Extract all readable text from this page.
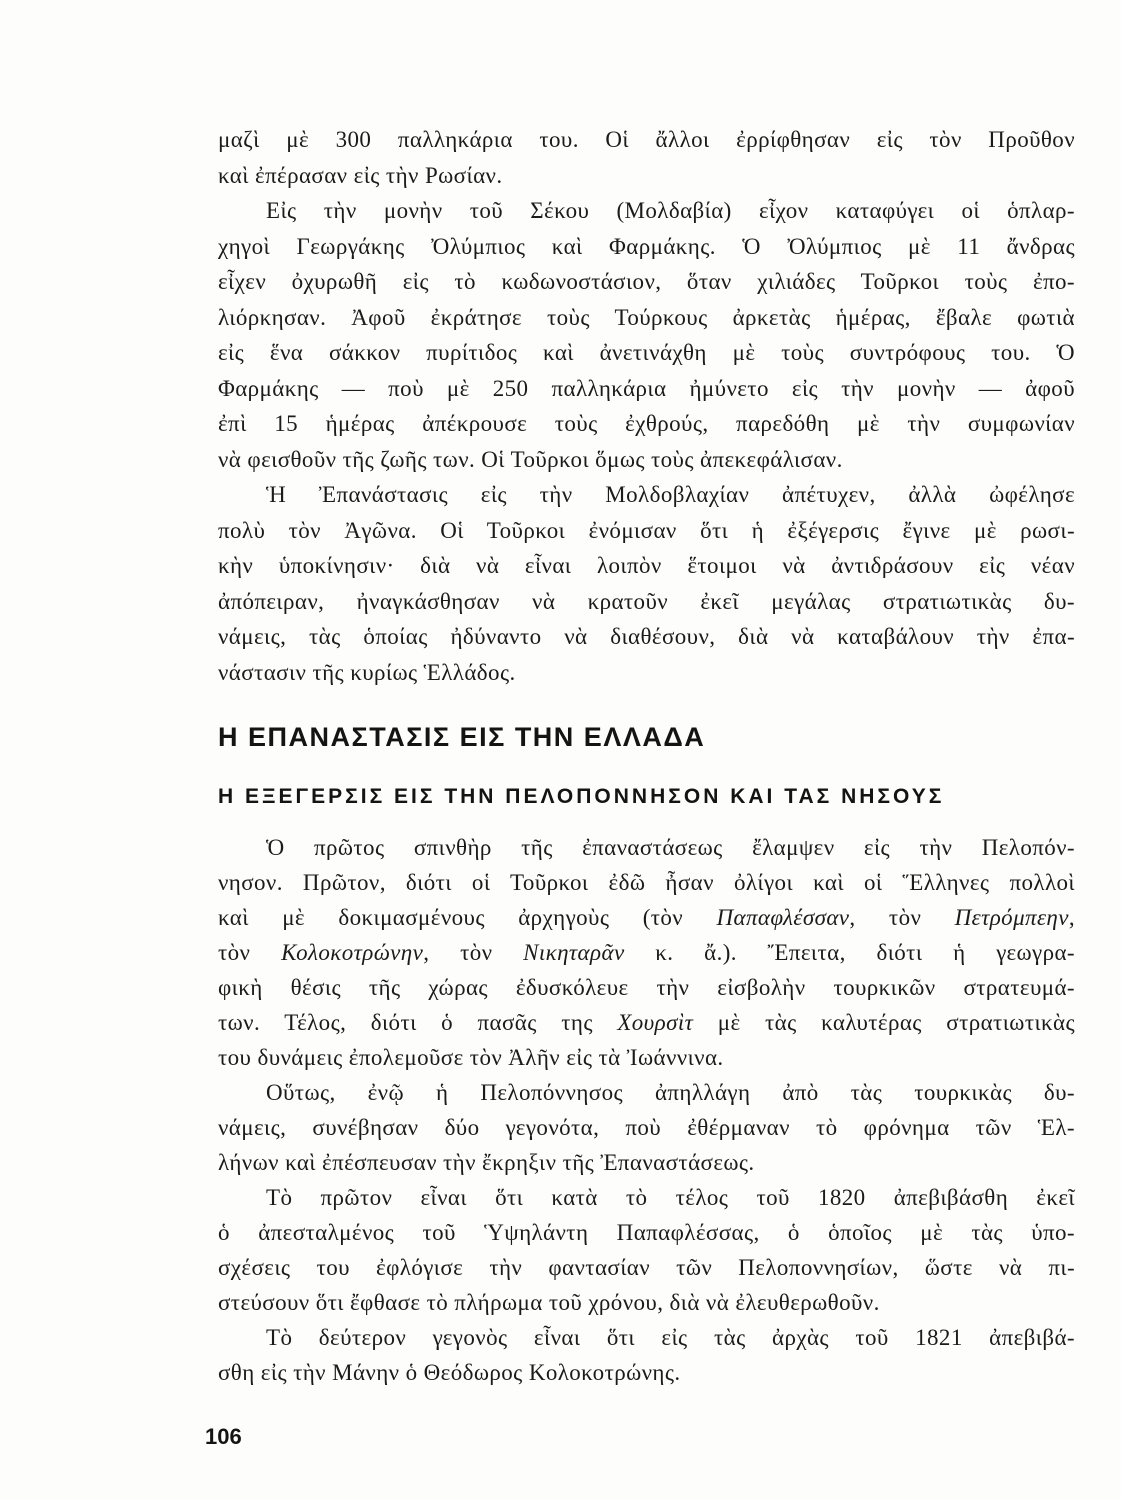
μαζὶ μὲ 300 παλληκάρια του. Οἱ ἄλλοι ἐρρίφθησαν εἰς τὸν Προῦθον
καὶ ἐπέρασαν εἰς τὴν Ρωσίαν.
Εἰς τὴν μονὴν τοῦ Σέκου (Μολδαβία) εἶχον καταφύγει οἱ ὁπλαρ-
χηγοὶ Γεωργάκης Ὀλύμπιος καὶ Φαρμάκης. Ὁ Ὀλύμπιος μὲ 11 ἄνδρας
εἶχεν ὀχυρωθῆ εἰς τὸ κωδωνοστάσιον, ὅταν χιλιάδες Τοῦρκοι τοὺς ἐπο-
λιόρκησαν. Ἀφοῦ ἐκράτησε τοὺς Τούρκους ἀρκετὰς ἡμέρας, ἔβαλε φωτιὰ
εἰς ἕνα σάκκον πυρίτιδος καὶ ἀνετινάχθη μὲ τοὺς συντρόφους του. Ὁ
Φαρμάκης — ποὺ μὲ 250 παλληκάρια ἠμύνετο εἰς τὴν μονὴν — ἀφοῦ
ἐπὶ 15 ἡμέρας ἀπέκρουσε τοὺς ἐχθρούς, παρεδόθη μὲ τὴν συμφωνίαν
νὰ φεισθοῦν τῆς ζωῆς των. Οἱ Τοῦρκοι ὅμως τοὺς ἀπεκεφάλισαν.
Ἡ Ἐπανάστασις εἰς τὴν Μολδοβλαχίαν ἀπέτυχεν, ἀλλὰ ὠφέλησε
πολὺ τὸν Ἀγῶνα. Οἱ Τοῦρκοι ἐνόμισαν ὅτι ἡ ἐξέγερσις ἔγινε μὲ ρωσι-
κὴν ὑποκίνησιν· διὰ νὰ εἶναι λοιπὸν ἕτοιμοι νὰ ἀντιδράσουν εἰς νέαν
ἀπόπειραν, ἠναγκάσθησαν νὰ κρατοῦν ἐκεῖ μεγάλας στρατιωτικὰς δυ-
νάμεις, τὰς ὁποίας ἠδύναντο νὰ διαθέσουν, διὰ νὰ καταβάλουν τὴν ἐπα-
νάστασιν τῆς κυρίως Ἑλλάδος.
Η ΕΠΑΝΑΣΤΑΣΙΣ ΕΙΣ ΤΗΝ ΕΛΛΑΔΑ
Η ΕΞΕΓΕΡΣΙΣ ΕΙΣ ΤΗΝ ΠΕΛΟΠΟΝΝΗΣΟΝ ΚΑΙ ΤΑΣ ΝΗΣΟΥΣ
Ὁ πρῶτος σπινθὴρ τῆς ἐπαναστάσεως ἔλαμψεν εἰς τὴν Πελοπόν-
νησον. Πρῶτον, διότι οἱ Τοῦρκοι ἐδῶ ἦσαν ὀλίγοι καὶ οἱ Ἕλληνες πολλοὶ
καὶ μὲ δοκιμασμένους ἀρχηγοὺς (τὸν Παπαφλέσσαν, τὸν Πετρόμπεην,
τὸν Κολοκοτρώνην, τὸν Νικηταρᾶν κ. ἄ.). Ἔπειτα, διότι ἡ γεωγρα-
φικὴ θέσις τῆς χώρας ἐδυσκόλευε τὴν εἰσβολὴν τουρκικῶν στρατευμά-
των. Τέλος, διότι ὁ πασᾶς της Χουρσὶτ μὲ τὰς καλυτέρας στρατιωτικὰς
του δυνάμεις ἐπολεμοῦσε τὸν Ἀλῆν εἰς τὰ Ἰωάννινα.
Οὕτως, ἐνῷ ἡ Πελοπόννησος ἀπηλλάγη ἀπὸ τὰς τουρκικὰς δυ-
νάμεις, συνέβησαν δύο γεγονότα, ποὺ ἐθέρμαναν τὸ φρόνημα τῶν Ἑλ-
λήνων καὶ ἐπέσπευσαν τὴν ἔκρηξιν τῆς Ἐπαναστάσεως.
Τὸ πρῶτον εἶναι ὅτι κατὰ τὸ τέλος τοῦ 1820 ἀπεβιβάσθη ἐκεῖ
ὁ ἀπεσταλμένος τοῦ Ὑψηλάντη Παπαφλέσσας, ὁ ὁποῖος μὲ τὰς ὑπο-
σχέσεις του ἐφλόγισε τὴν φαντασίαν τῶν Πελοποννησίων, ὥστε νὰ πι-
στεύσουν ὅτι ἔφθασε τὸ πλήρωμα τοῦ χρόνου, διὰ νὰ ἐλευθερωθοῦν.
Τὸ δεύτερον γεγονὸς εἶναι ὅτι εἰς τὰς ἀρχὰς τοῦ 1821 ἀπεβιβά-
σθη εἰς τὴν Μάνην ὁ Θεόδωρος Κολοκοτρώνης.
106
